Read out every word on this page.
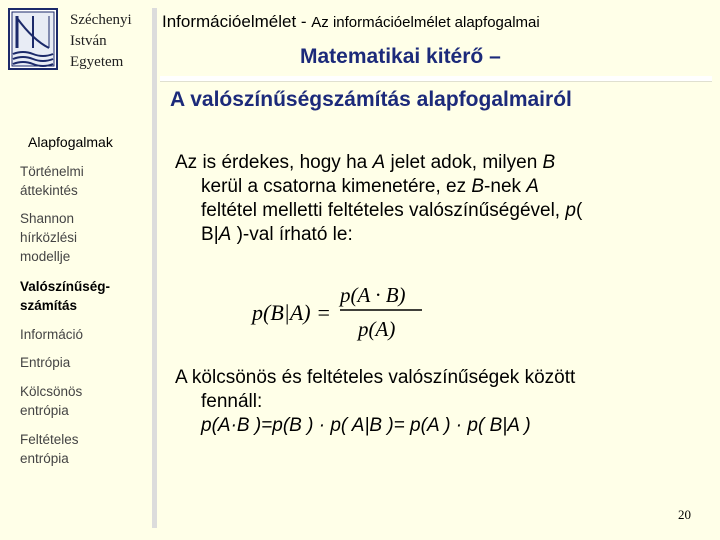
Széchenyi
István
Egyetem
Információelmélet - Az információelmélet alapfogalmai
Matematikai kitérő –
A valószínűségszámítás alapfogalmairól
Alapfogalmak
Történelmi áttekintés
Shannon hírközlési modellje
Valószínűség-számítás
Információ
Entrópia
Kölcsönös entrópia
Feltételes entrópia
Az is érdekes, hogy ha A jelet adok, milyen B
kerül a csatorna kimenetére, ez B-nek A
feltétel melletti feltételes valószínűségével, p(
B|A )-val írható le:
p(B|A) =
p(A · B)
p(A)
A kölcsönös és feltételes valószínűségek között
fennáll:
p(A·B )=p(B ) · p( A|B )= p(A ) · p( B|A )
20
